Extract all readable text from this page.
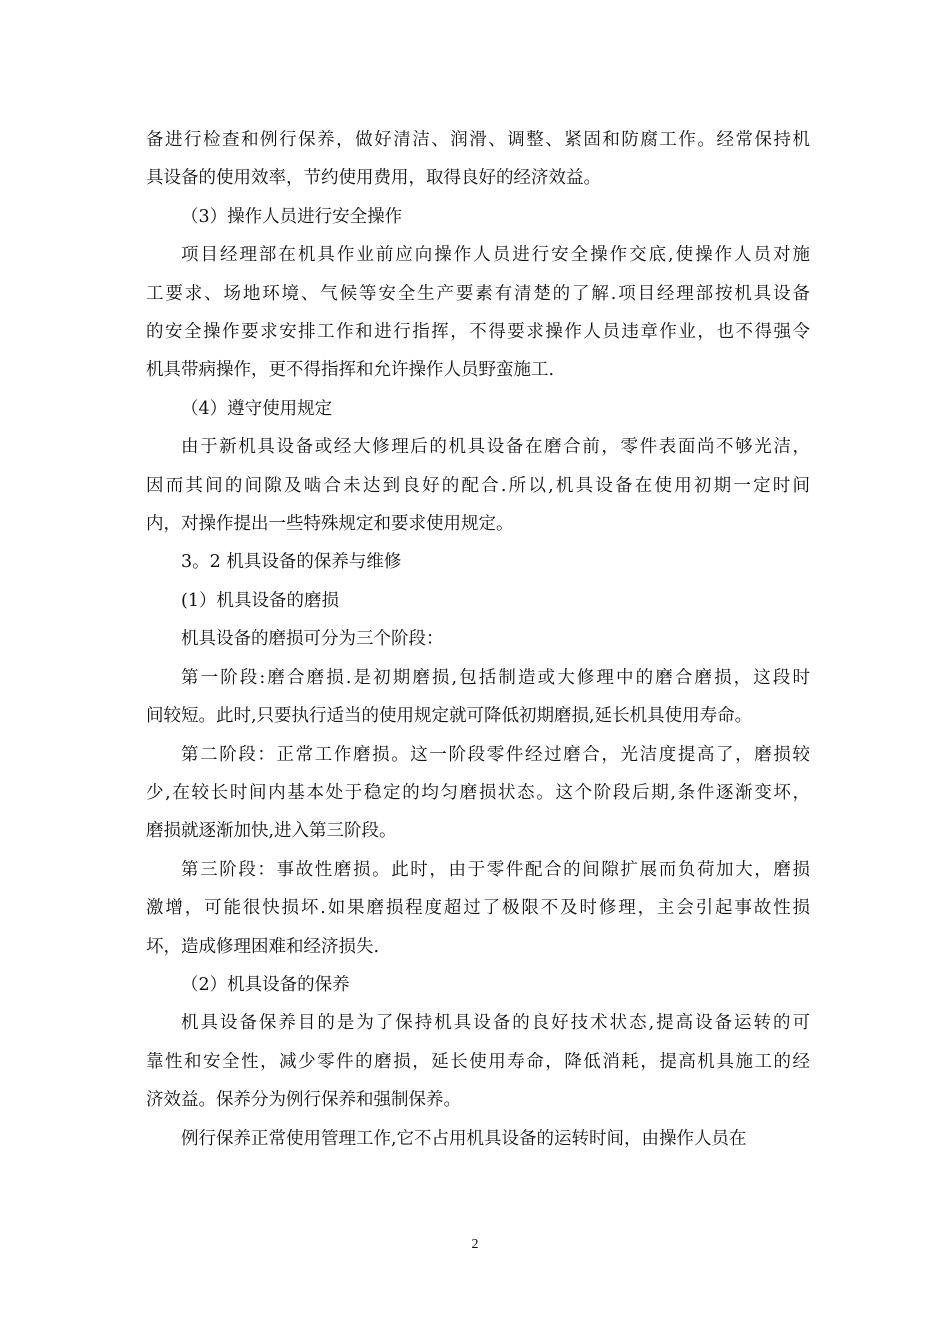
备进行检查和例行保养，做好清洁、润滑、调整、紧固和防腐工作。经常保持机
具设备的使用效率，节约使用费用，取得良好的经济效益。
（3）操作人员进行安全操作
项目经理部在机具作业前应向操作人员进行安全操作交底,使操作人员对施
工要求、场地环境、气候等安全生产要素有清楚的了解.项目经理部按机具设备
的安全操作要求安排工作和进行指挥，不得要求操作人员违章作业，也不得强令
机具带病操作，更不得指挥和允许操作人员野蛮施工.
（4）遵守使用规定
由于新机具设备或经大修理后的机具设备在磨合前，零件表面尚不够光洁，
因而其间的间隙及啮合未达到良好的配合.所以,机具设备在使用初期一定时间
内，对操作提出一些特殊规定和要求使用规定。
3。2 机具设备的保养与维修
(1）机具设备的磨损
机具设备的磨损可分为三个阶段：
第一阶段:磨合磨损.是初期磨损,包括制造或大修理中的磨合磨损，这段时
间较短。此时,只要执行适当的使用规定就可降低初期磨损,延长机具使用寿命。
第二阶段：正常工作磨损。这一阶段零件经过磨合，光洁度提高了，磨损较
少,在较长时间内基本处于稳定的均匀磨损状态。这个阶段后期,条件逐渐变坏，
磨损就逐渐加快,进入第三阶段。
第三阶段：事故性磨损。此时，由于零件配合的间隙扩展而负荷加大，磨损
激增，可能很快损坏.如果磨损程度超过了极限不及时修理，主会引起事故性损
坏，造成修理困难和经济损失.
（2）机具设备的保养
机具设备保养目的是为了保持机具设备的良好技术状态,提高设备运转的可
靠性和安全性，减少零件的磨损，延长使用寿命，降低消耗，提高机具施工的经
济效益。保养分为例行保养和强制保养。
例行保养正常使用管理工作,它不占用机具设备的运转时间，由操作人员在
2
